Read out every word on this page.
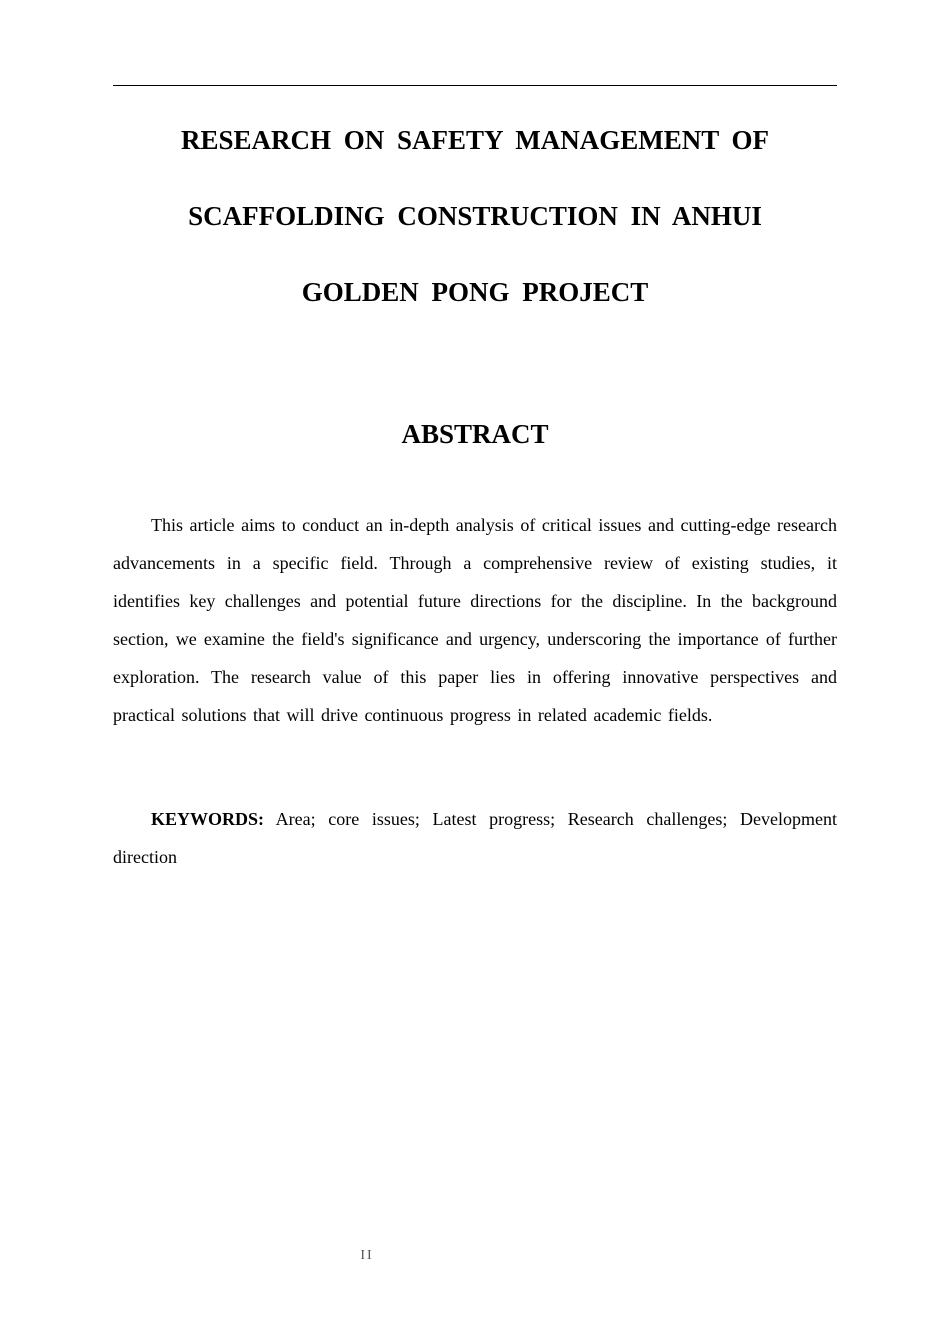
RESEARCH ON SAFETY MANAGEMENT OF
SCAFFOLDING CONSTRUCTION IN ANHUI
GOLDEN PONG PROJECT
ABSTRACT

This article aims to conduct an in-depth analysis of critical issues and cutting-edge research advancements in a specific field. Through a comprehensive review of existing studies, it identifies key challenges and potential future directions for the discipline. In the background section, we examine the field's significance and urgency, underscoring the importance of further exploration. The research value of this paper lies in offering innovative perspectives and practical solutions that will drive continuous progress in related academic fields.

KEYWORDS: Area; core issues; Latest progress; Research challenges; Development direction

II
